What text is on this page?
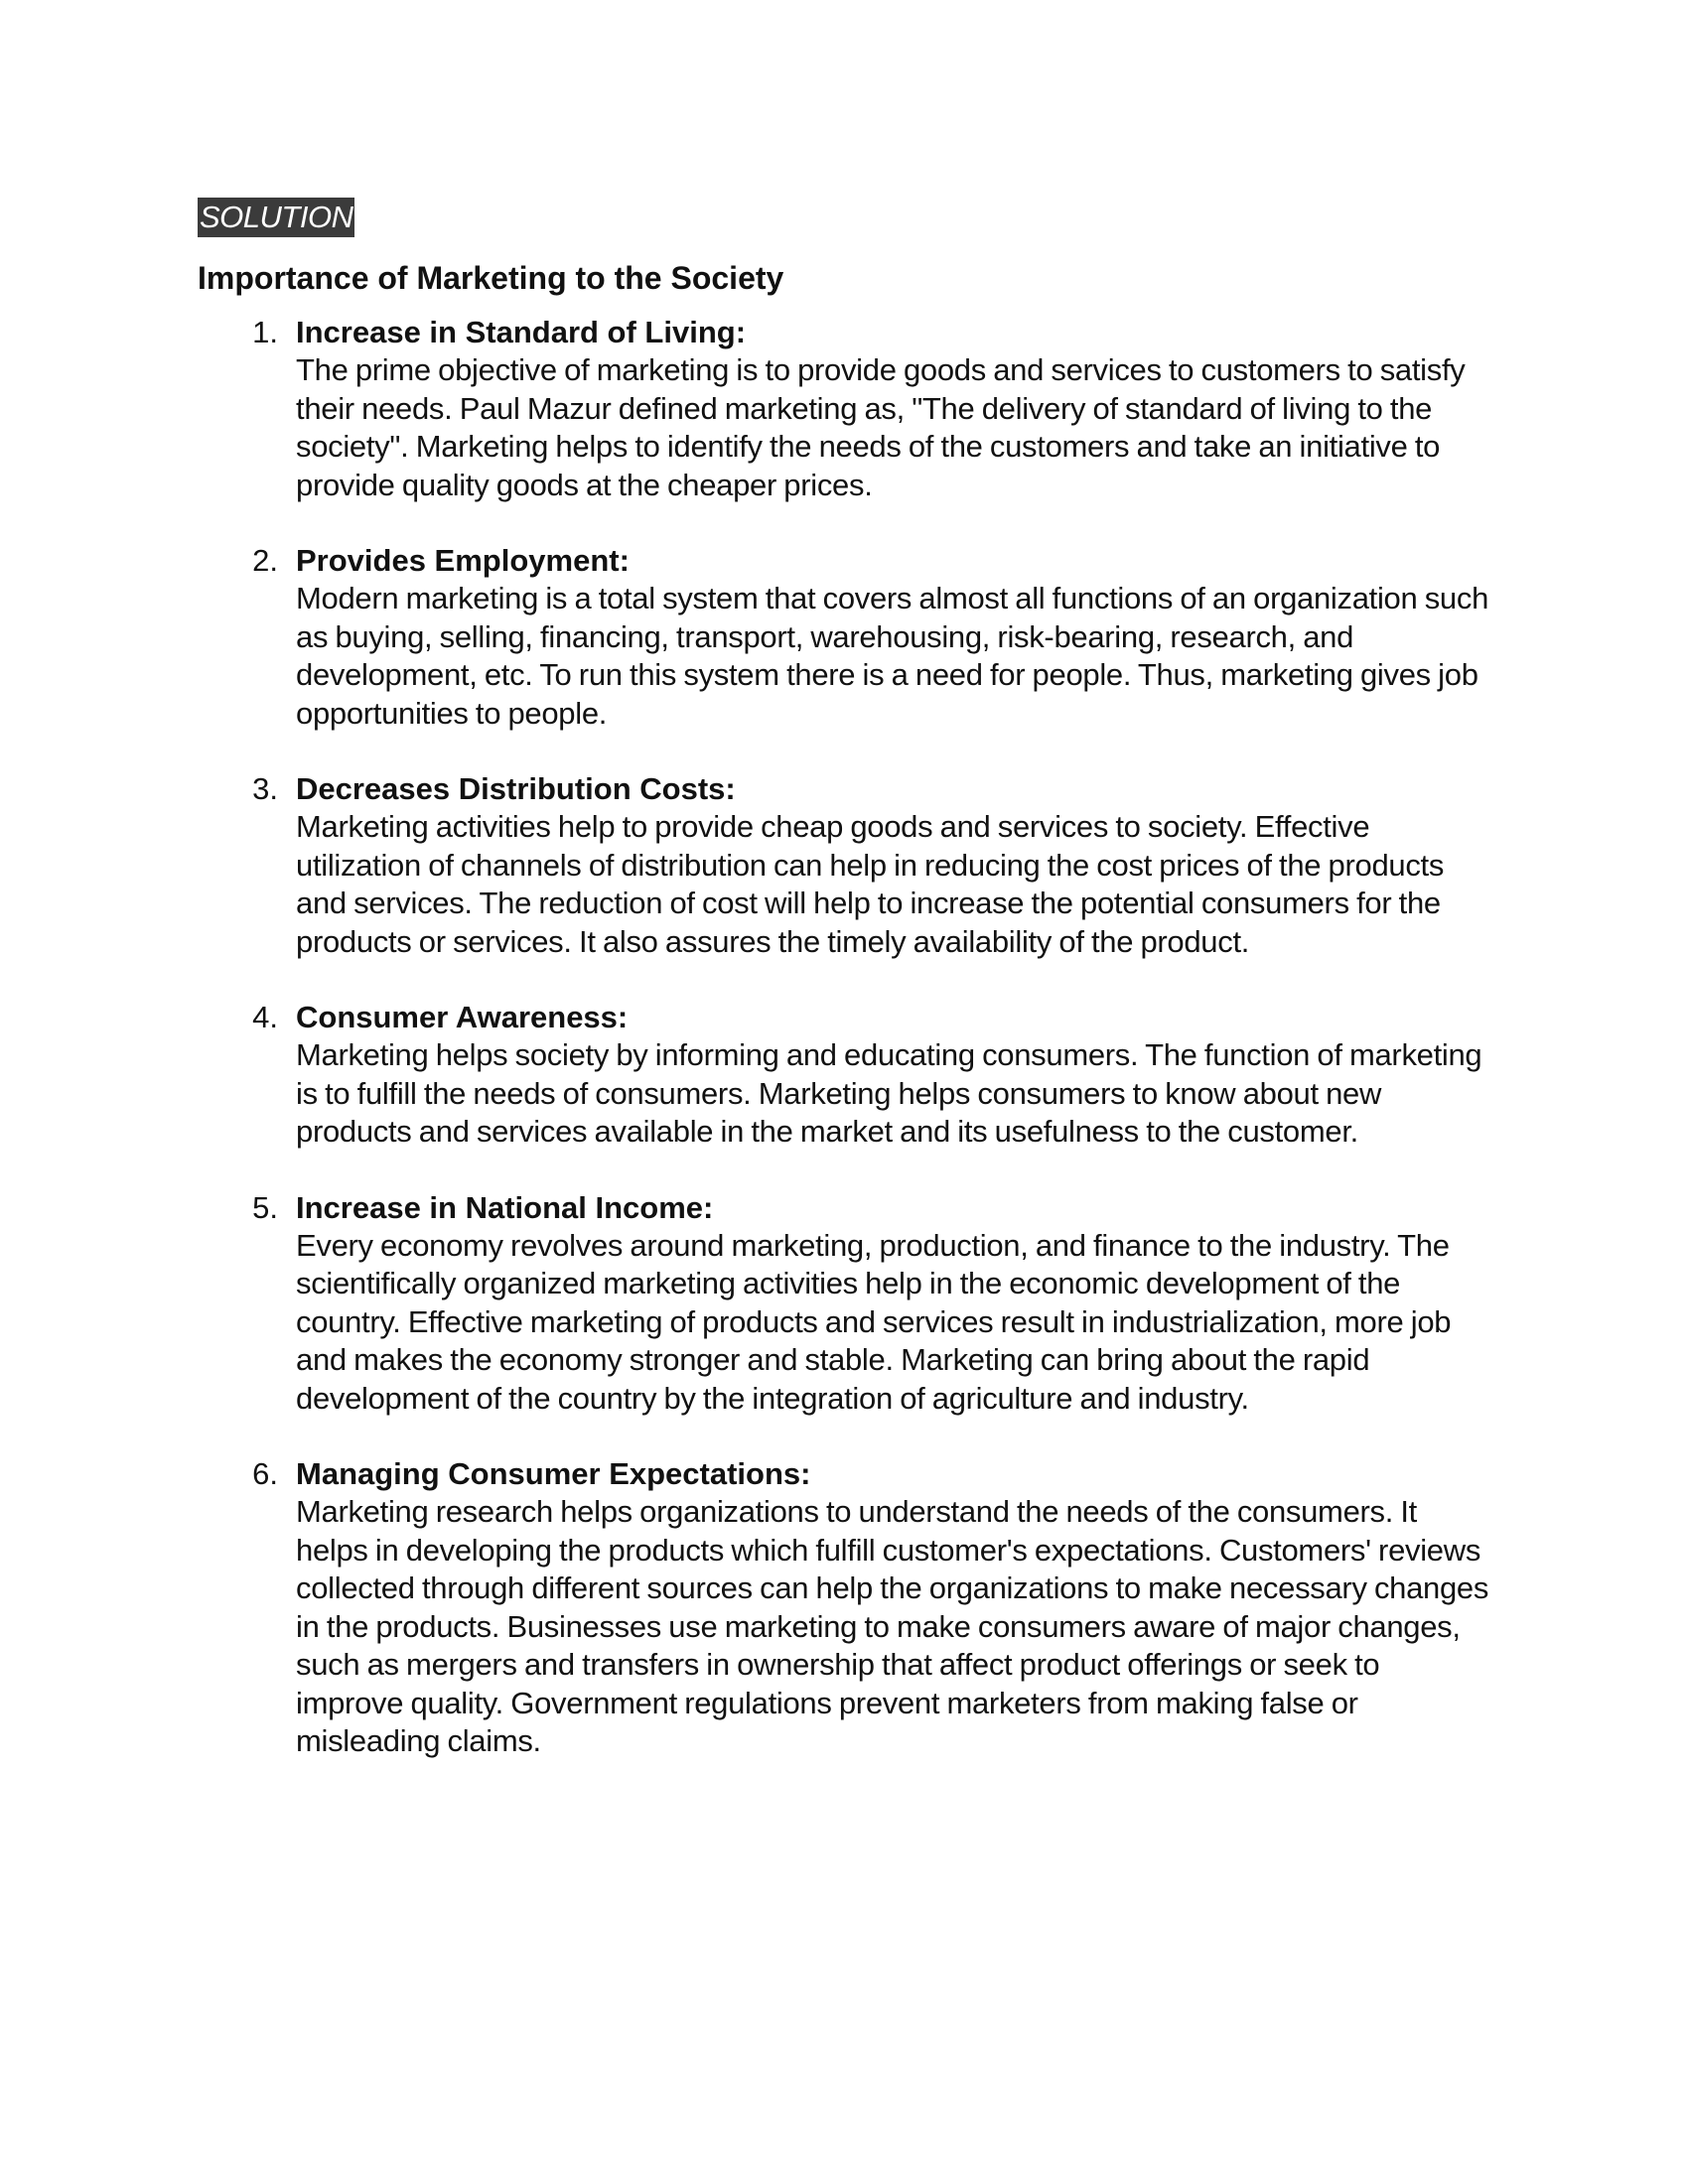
SOLUTION
Importance of Marketing to the Society
1. Increase in Standard of Living:
The prime objective of marketing is to provide goods and services to customers to satisfy their needs. Paul Mazur defined marketing as, "The delivery of standard of living to the society". Marketing helps to identify the needs of the customers and take an initiative to provide quality goods at the cheaper prices.
2. Provides Employment:
Modern marketing is a total system that covers almost all functions of an organization such as buying, selling, financing, transport, warehousing, risk-bearing, research, and development, etc. To run this system there is a need for people. Thus, marketing gives job opportunities to people.
3. Decreases Distribution Costs:
Marketing activities help to provide cheap goods and services to society. Effective utilization of channels of distribution can help in reducing the cost prices of the products and services. The reduction of cost will help to increase the potential consumers for the products or services. It also assures the timely availability of the product.
4. Consumer Awareness:
Marketing helps society by informing and educating consumers. The function of marketing is to fulfill the needs of consumers. Marketing helps consumers to know about new products and services available in the market and its usefulness to the customer.
5. Increase in National Income:
Every economy revolves around marketing, production, and finance to the industry. The scientifically organized marketing activities help in the economic development of the country. Effective marketing of products and services result in industrialization, more job and makes the economy stronger and stable. Marketing can bring about the rapid development of the country by the integration of agriculture and industry.
6. Managing Consumer Expectations:
Marketing research helps organizations to understand the needs of the consumers. It helps in developing the products which fulfill customer's expectations. Customers' reviews collected through different sources can help the organizations to make necessary changes in the products. Businesses use marketing to make consumers aware of major changes, such as mergers and transfers in ownership that affect product offerings or seek to improve quality. Government regulations prevent marketers from making false or misleading claims.
